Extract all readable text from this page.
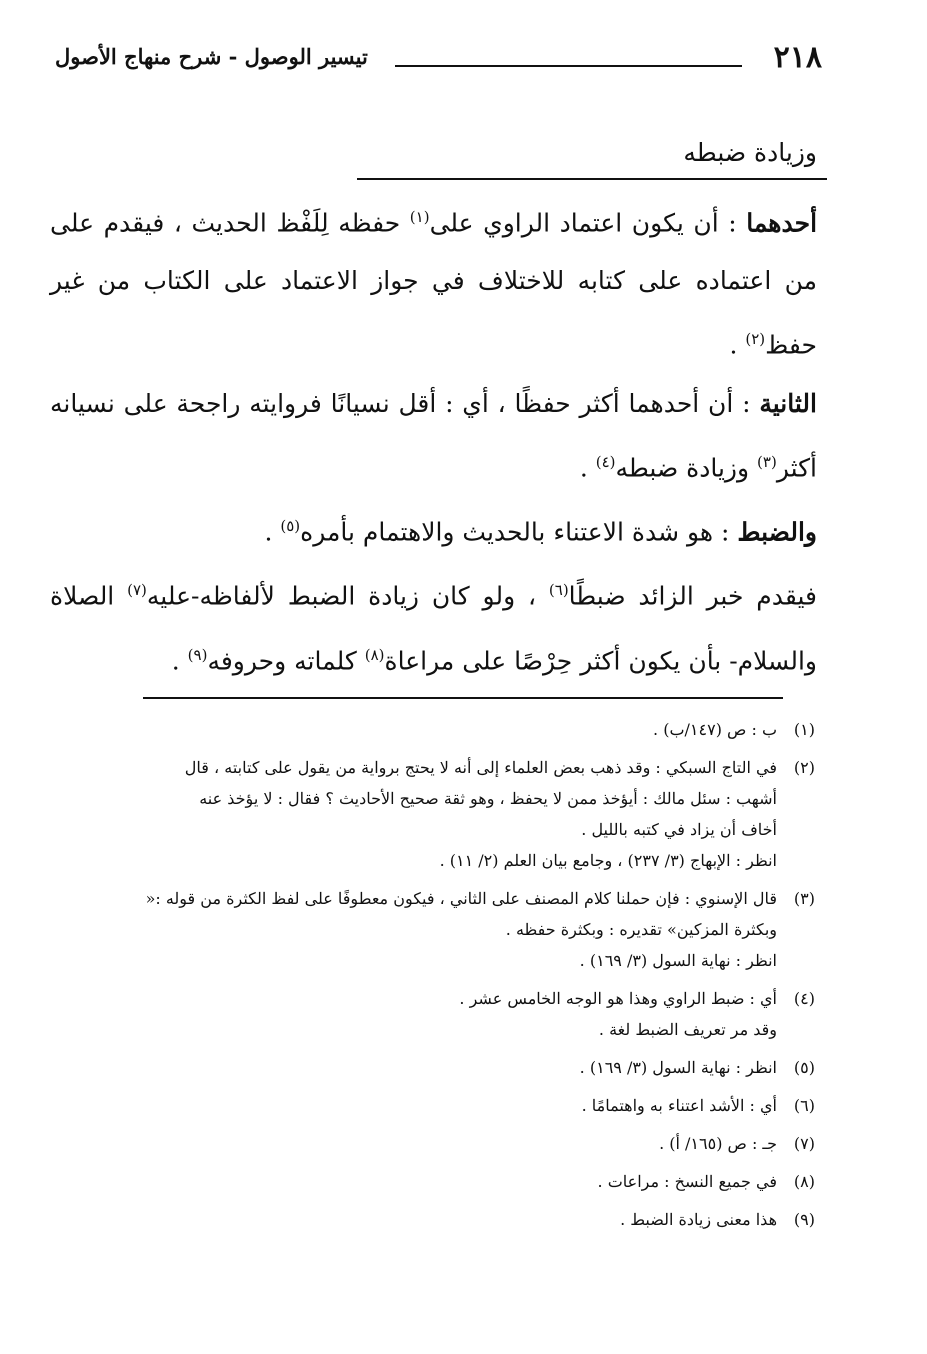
٢١٨
تيسير الوصول - شرح منهاج الأصول

وزيادة ضبطه

أحدهما : أن يكون اعتماد الراوي على$^{(١)}$ حفظه لِلَفْظ الحديث ، فيقدم على من اعتماده على كتابه للاختلاف في جواز الاعتماد على الكتاب من غير حفظ$^{(٢)}$ .

الثانية : أن أحدهما أكثر حفظًا ، أي : أقل نسيانًا فروايته راجحة على نسيانه أكثر$^{(٣)}$ وزيادة ضبطه$^{(٤)}$ .

والضبط : هو شدة الاعتناء بالحديث والاهتمام بأمره$^{(٥)}$ .

فيقدم خبر الزائد ضبطًا$^{(٦)}$ ، ولو كان زيادة الضبط لألفاظه-عليه$^{(٧)}$ الصلاة والسلام- بأن يكون أكثر حِرْصًا على مراعاة$^{(٨)}$ كلماته وحروفه$^{(٩)}$ .

(١)
ب : ص (١٤٧/ب) .
(٢)
في التاج السبكي : وقد ذهب بعض العلماء إلى أنه لا يحتج برواية من يقول على كتابته ، قال
أشهب : سئل مالك : أيؤخذ ممن لا يحفظ ، وهو ثقة صحيح الأحاديث ؟ فقال : لا يؤخذ عنه
أخاف أن يزاد في كتبه بالليل .
انظر : الإبهاج (٣/ ٢٣٧) ، وجامع بيان العلم (٢/ ١١) .
(٣)
قال الإسنوي : فإن حملنا كلام المصنف على الثاني ، فيكون معطوفًا على لفظ الكثرة من قوله :«
وبكثرة المزكين» تقديره : وبكثرة حفظه .
انظر : نهاية السول (٣/ ١٦٩) .
(٤)
أي : ضبط الراوي وهذا هو الوجه الخامس عشر .
وقد مر تعريف الضبط لغة .
(٥)
انظر : نهاية السول (٣/ ١٦٩) .
(٦)
أي : الأشد اعتناء به واهتمامًا .
(٧)
جـ : ص (١٦٥/ أ) .
(٨)
في جميع النسخ : مراعات .
(٩)
هذا معنى زيادة الضبط .
